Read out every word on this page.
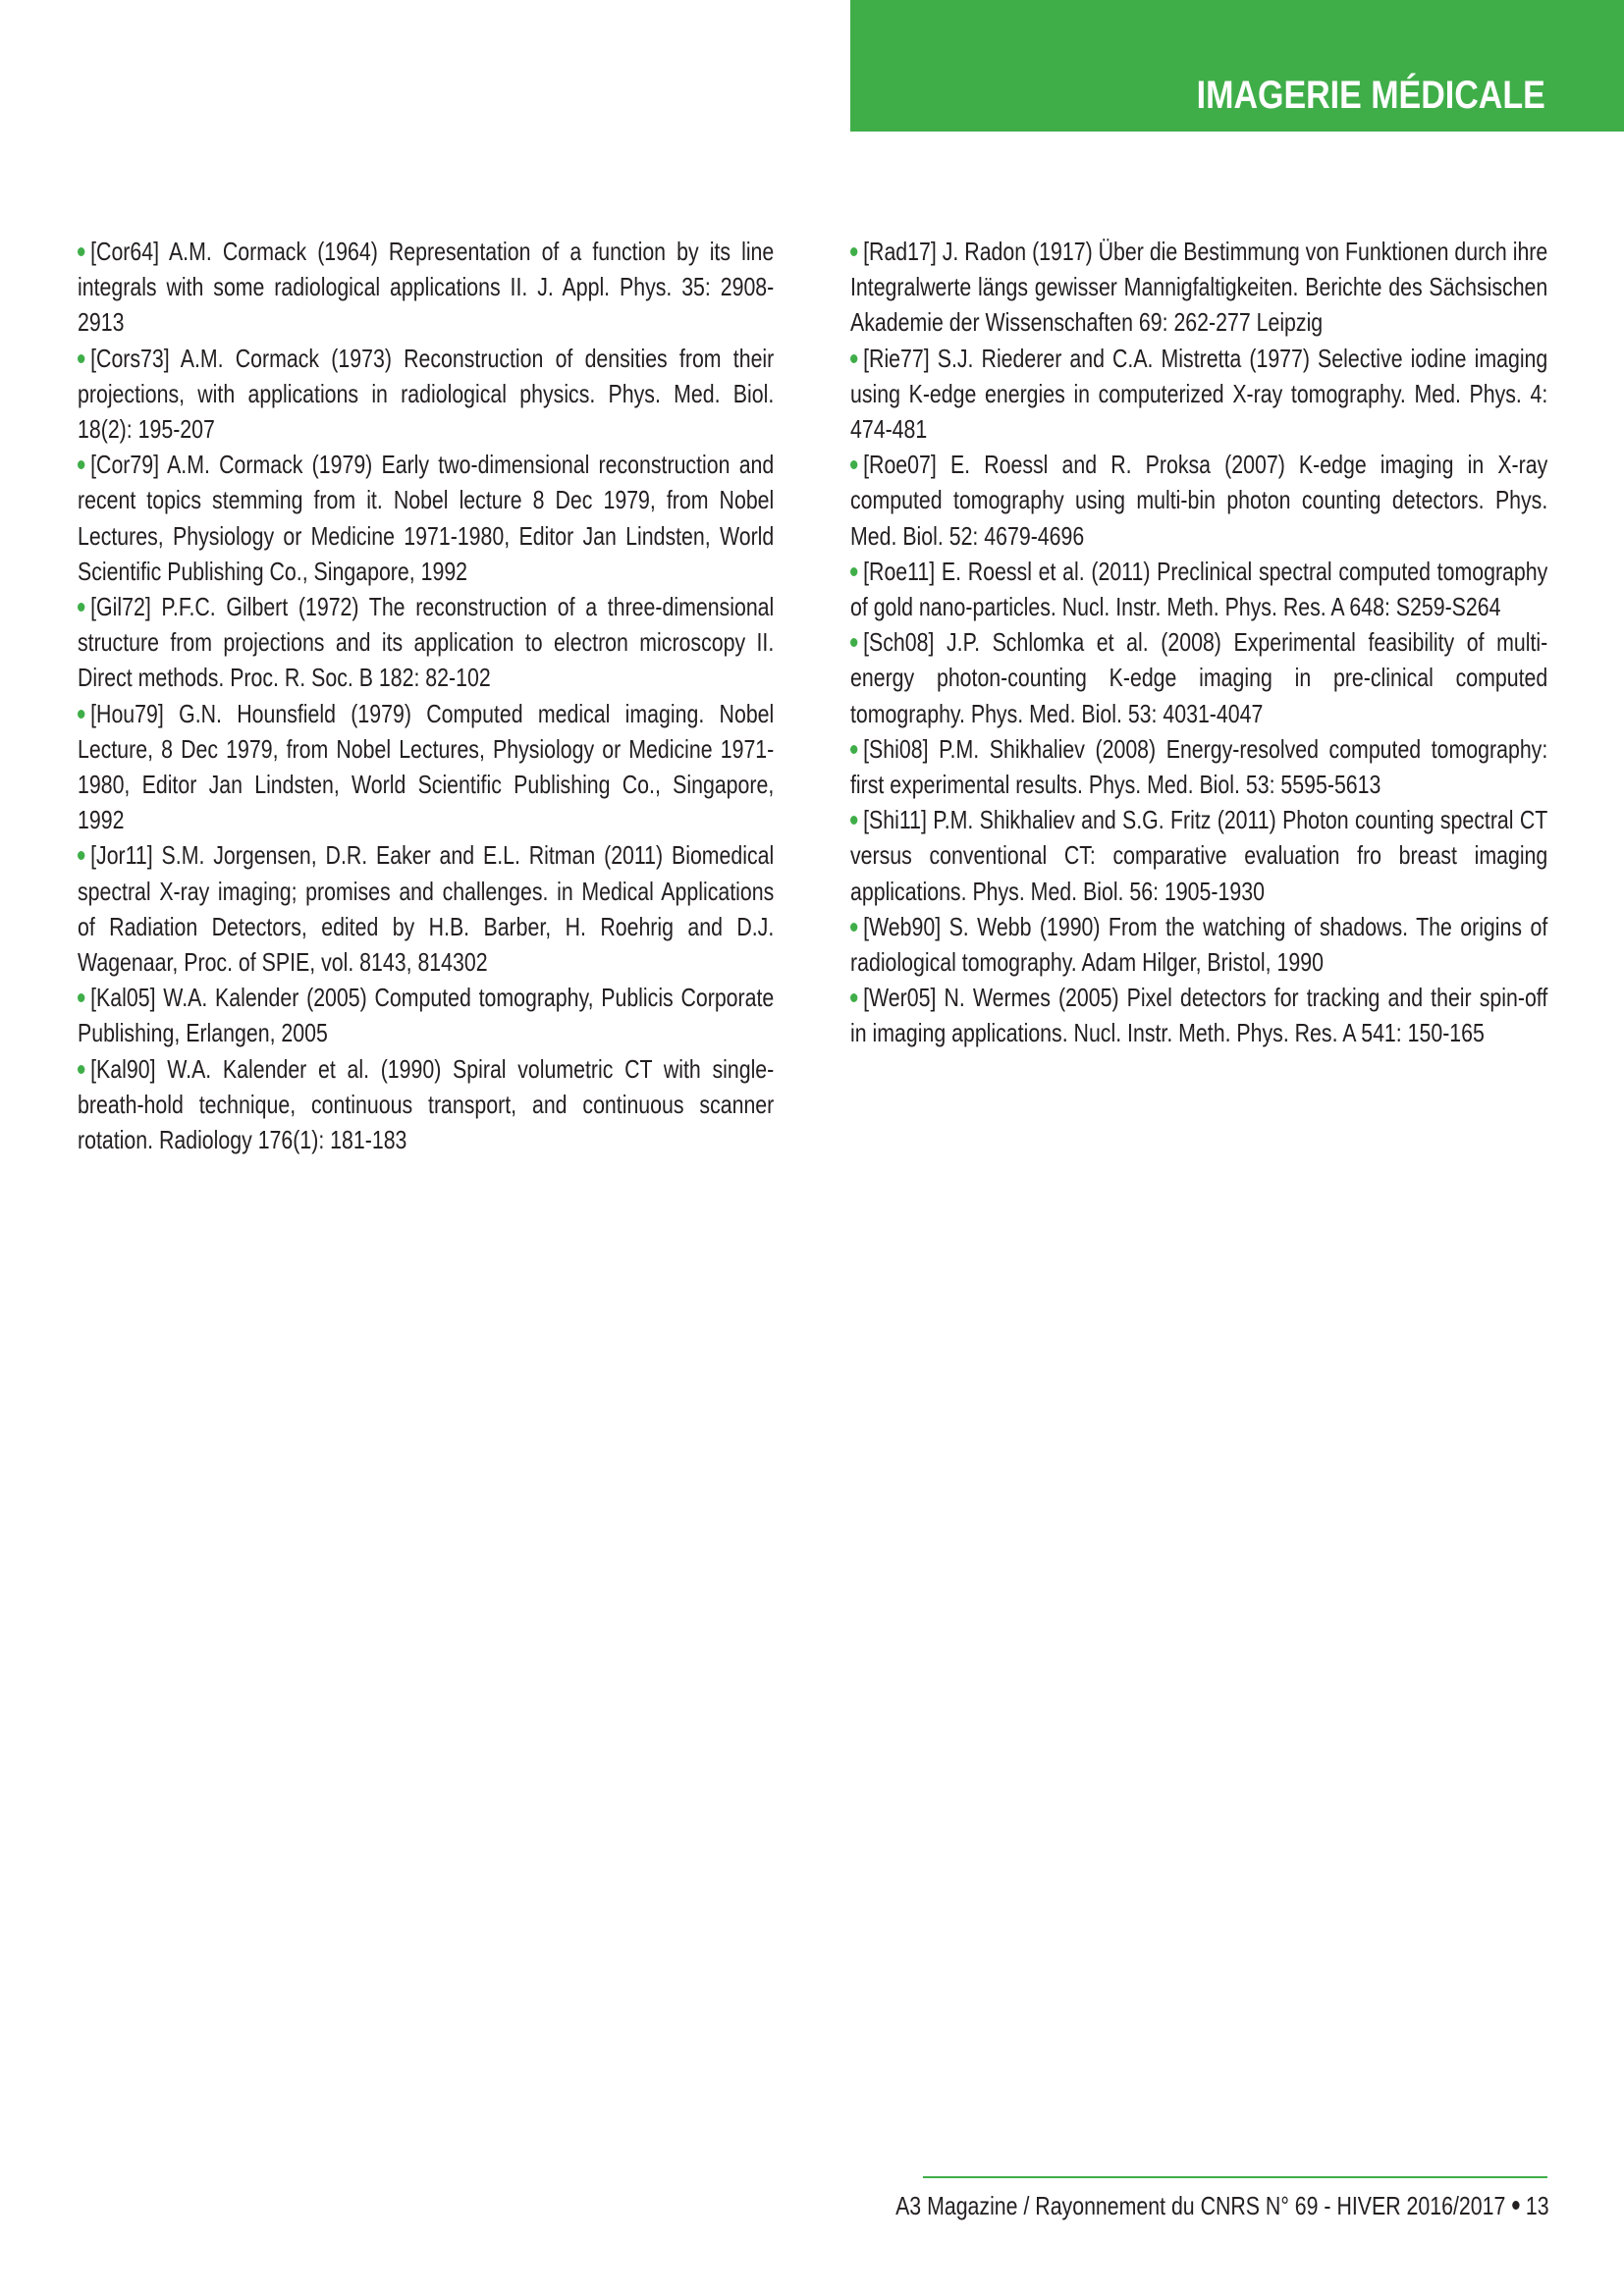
IMAGERIE MÉDICALE

[Cor64] A.M. Cormack (1964) Representation of a function by its line integrals with some radiological applications II. J. Appl. Phys. 35: 2908-2913

[Cors73] A.M. Cormack (1973) Reconstruction of densities from their projections, with applications in radiological physics. Phys. Med. Biol. 18(2): 195-207

[Cor79] A.M. Cormack (1979) Early two-dimensional reconstruction and recent topics stemming from it. Nobel lecture 8 Dec 1979, from Nobel Lectures, Physiology or Medicine 1971-1980, Editor Jan Lindsten, World Scientific Publishing Co., Singapore, 1992

[Gil72] P.F.C. Gilbert (1972) The reconstruction of a three-dimensional structure from projections and its application to electron microscopy II. Direct methods. Proc. R. Soc. B 182: 82-102

[Hou79] G.N. Hounsfield (1979) Computed medical imaging. Nobel Lecture, 8 Dec 1979, from Nobel Lectures, Physiology or Medicine 1971-1980, Editor Jan Lindsten, World Scientific Publishing Co., Singapore, 1992

[Jor11] S.M. Jorgensen, D.R. Eaker and E.L. Ritman (2011) Biomedical spectral X-ray imaging; promises and challenges. in Medical Applications of Radiation Detectors, edited by H.B. Barber, H. Roehrig and D.J. Wagenaar, Proc. of SPIE, vol. 8143, 814302

[Kal05] W.A. Kalender (2005) Computed tomography, Publicis Corporate Publishing, Erlangen, 2005

[Kal90] W.A. Kalender et al. (1990) Spiral volumetric CT with single-breath-hold technique, continuous transport, and continuous scanner rotation. Radiology 176(1): 181-183

[Rad17] J. Radon (1917) Über die Bestimmung von Funktionen durch ihre Integralwerte längs gewisser Mannigfaltigkeiten. Berichte des Sächsischen Akademie der Wissenschaften 69: 262-277 Leipzig

[Rie77] S.J. Riederer and C.A. Mistretta (1977) Selective iodine imaging using K-edge energies in computerized X-ray tomography. Med. Phys. 4: 474-481

[Roe07] E. Roessl and R. Proksa (2007) K-edge imaging in X-ray computed tomography using multi-bin photon counting detectors. Phys. Med. Biol. 52: 4679-4696

[Roe11] E. Roessl et al. (2011) Preclinical spectral computed tomography of gold nano-particles. Nucl. Instr. Meth. Phys. Res. A 648: S259-S264

[Sch08] J.P. Schlomka et al. (2008) Experimental feasibility of multi-energy photon-counting K-edge imaging in pre-clinical computed tomography. Phys. Med. Biol. 53: 4031-4047

[Shi08] P.M. Shikhaliev (2008) Energy-resolved computed tomography: first experimental results. Phys. Med. Biol. 53: 5595-5613

[Shi11] P.M. Shikhaliev and S.G. Fritz (2011) Photon counting spectral CT versus conventional CT: comparative evaluation fro breast imaging applications. Phys. Med. Biol. 56: 1905-1930

[Web90] S. Webb (1990) From the watching of shadows. The origins of radiological tomography. Adam Hilger, Bristol, 1990

[Wer05] N. Wermes (2005) Pixel detectors for tracking and their spin-off in imaging applications. Nucl. Instr. Meth. Phys. Res. A 541: 150-165

A3 Magazine / Rayonnement du CNRS N° 69 - HIVER 2016/2017 13
